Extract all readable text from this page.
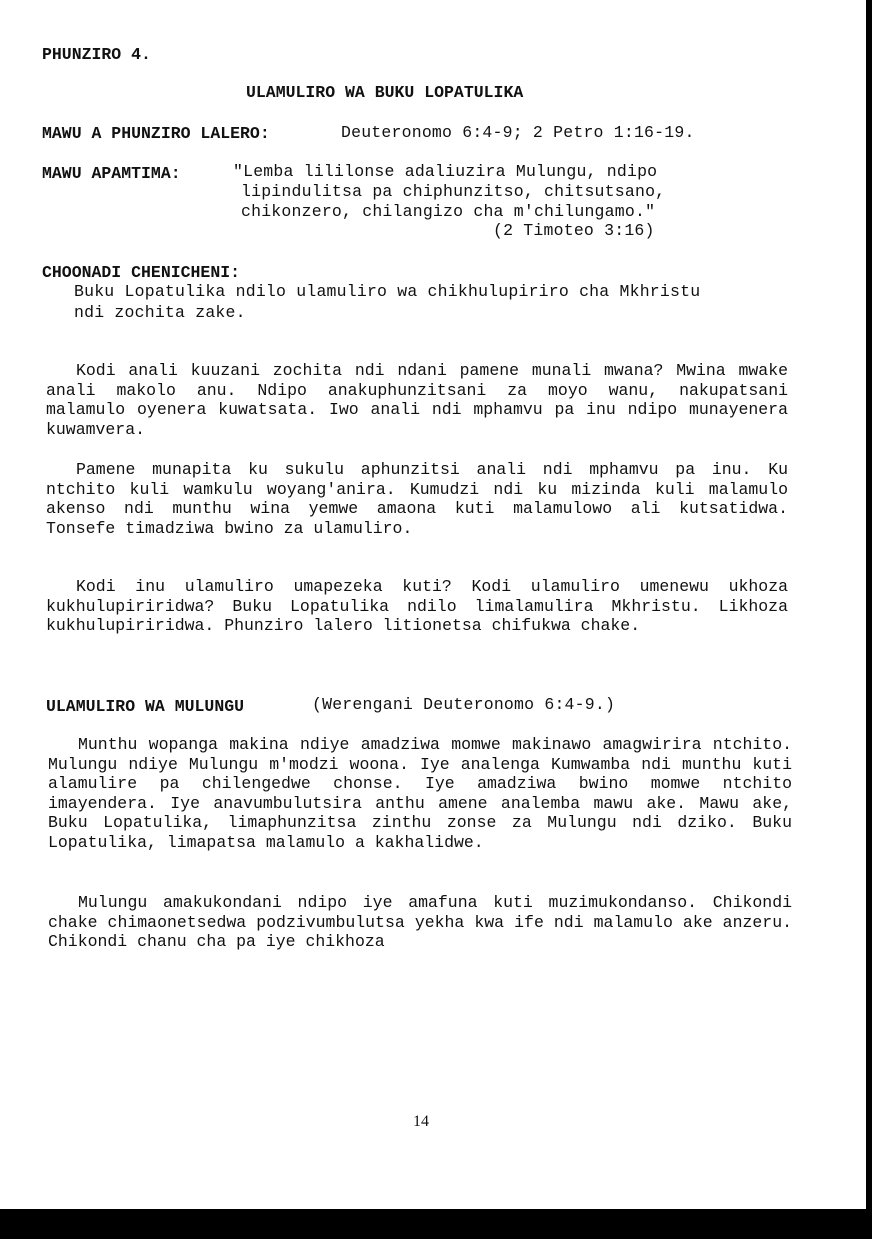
PHUNZIRO 4.
ULAMULIRO WA BUKU LOPATULIKA
MAWU A PHUNZIRO LALERO:	Deuteronomo 6:4-9; 2 Petro 1:16-19.
MAWU APAMTIMA:	"Lemba lililonse adaliuzira Mulungu, ndipo
lipindulitsa pa chiphunzitso, chitsutsano,
chikonzero, chilangizo cha m'chilungamo."
(2 Timoteo 3:16)
CHOONADI CHENICHENI:
Buku Lopatulika ndilo ulamuliro wa chikhulupiriro cha Mkhristu
ndi zochita zake.
Kodi anali kuuzani zochita ndi ndani pamene munali mwana? Mwina mwake anali makolo anu. Ndipo anakuphunzitsani za moyo wanu, nakupatsani malamulo oyenera kuwatsata. Iwo anali ndi mphamvu pa inu ndipo munayenera kuwamvera.
Pamene munapita ku sukulu aphunzitsi anali ndi mphamvu pa inu. Ku ntchito kuli wamkulu woyang'anira. Kumudzi ndi ku mizinda kuli malamulo akenso ndi munthu wina yemwe amaona kuti malamulowo ali kutsatidwa. Tonsefe timadziwa bwino za ulamuliro.
Kodi inu ulamuliro umapezeka kuti? Kodi ulamuliro umenewu ukhoza kukhulupiriridwa? Buku Lopatulika ndilo limalamulira Mkhristu. Likhoza kukhulupiriridwa. Phunziro lalero litionetsa chifukwa chake.
ULAMULIRO WA MULUNGU	(Werengani Deuteronomo 6:4-9.)
Munthu wopanga makina ndiye amadziwa momwe makinawo amagwirira ntchito. Mulungu ndiye Mulungu m'modzi woona. Iye analenga Kumwamba ndi munthu kuti alamulire pa chilengedwe chonse. Iye amadziwa bwino momwe ntchito imayendera. Iye anavumbulutsira anthu amene analemba mawu ake. Mawu ake, Buku Lopatulika, limaphunzitsa zinthu zonse za Mulungu ndi dziko. Buku Lopatulika, limapatsa malamulo a kakhalidwe.
Mulungu amakukondani ndipo iye amafuna kuti muzimukondanso. Chikondi chake chimaonetsedwa podzivumbulutsa yekha kwa ife ndi malamulo ake anzeru. Chikondi chanu cha pa iye chikhoza
14
